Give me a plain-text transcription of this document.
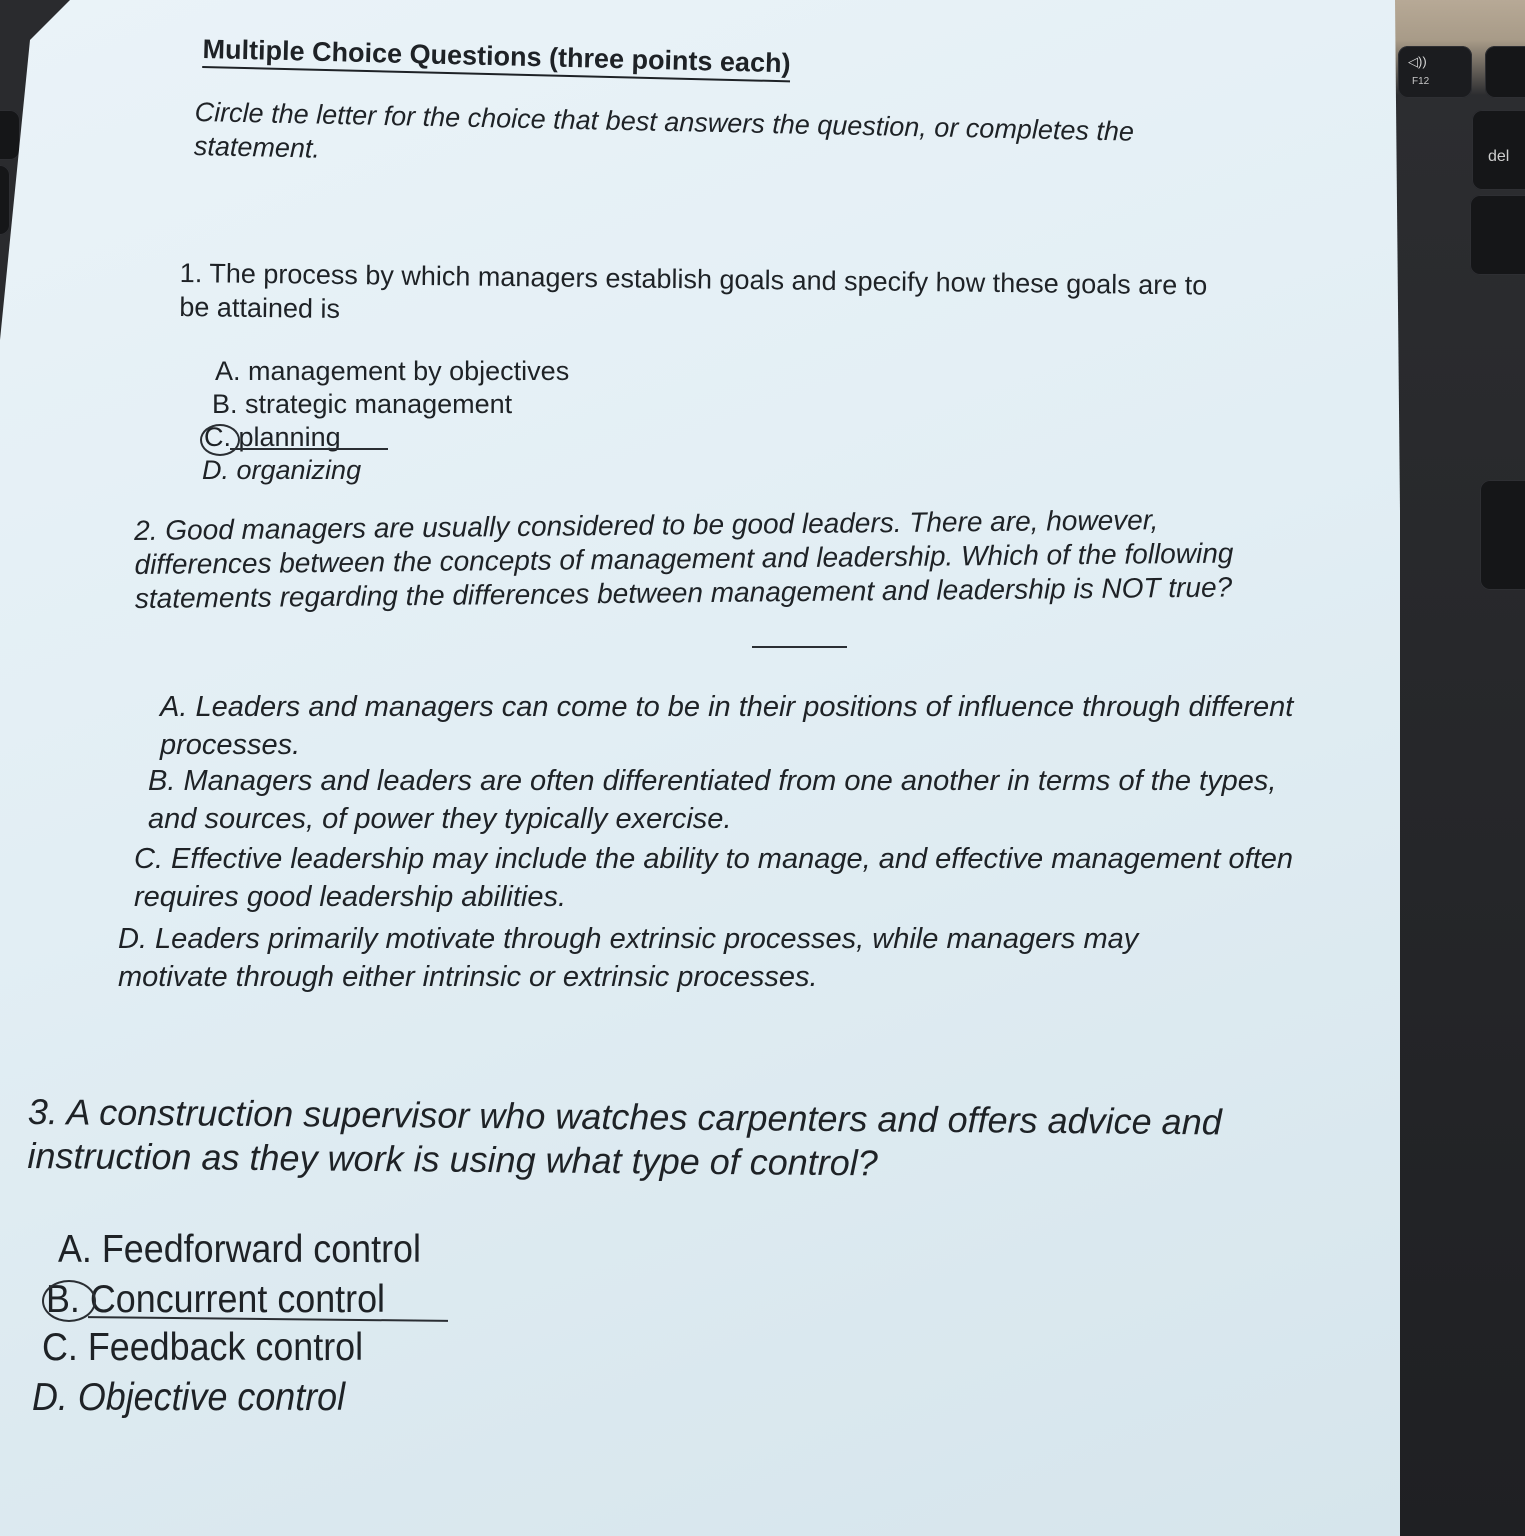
◁))
F12
del
Multiple Choice Questions (three points each)
Circle the letter for the choice that best answers the question, or completes the statement.
1. The process by which managers establish goals and specify how these goals are to be attained is
A. management by objectives
B. strategic management
C. planning
D. organizing
2. Good managers are usually considered to be good leaders. There are, however, differences between the concepts of management and leadership. Which of the following statements regarding the differences between management and leadership is NOT true?
A. Leaders and managers can come to be in their positions of influence through different processes.
B. Managers and leaders are often differentiated from one another in terms of the types, and sources, of power they typically exercise.
C. Effective leadership may include the ability to manage, and effective management often requires good leadership abilities.
D. Leaders primarily motivate through extrinsic processes, while managers may motivate through either intrinsic or extrinsic processes.
3. A construction supervisor who watches carpenters and offers advice and instruction as they work is using what type of control?
A. Feedforward control
B. Concurrent control
C. Feedback control
D. Objective control
